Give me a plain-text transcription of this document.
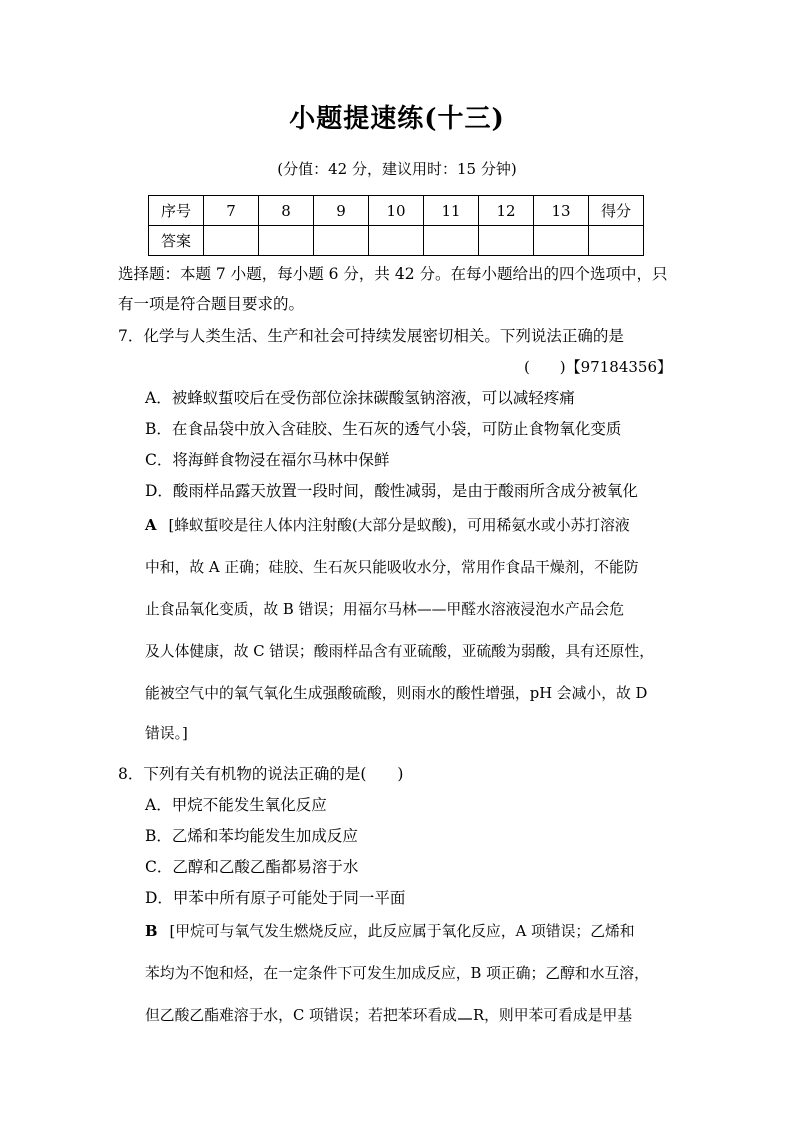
小题提速练(十三)
(分值：42 分，建议用时：15 分钟)
序号	7	8	9	10	11	12	13	得分
答案								
选择题：本题 7 小题，每小题 6 分，共 42 分。在每小题给出的四个选项中，只
有一项是符合题目要求的。
7．化学与人类生活、生产和社会可持续发展密切相关。下列说法正确的是
(　　)【97184356】
A．被蜂蚁蜇咬后在受伤部位涂抹碳酸氢钠溶液，可以减轻疼痛
B．在食品袋中放入含硅胶、生石灰的透气小袋，可防止食物氧化变质
C．将海鲜食物浸在福尔马林中保鲜
D．酸雨样品露天放置一段时间，酸性减弱，是由于酸雨所含成分被氧化
A [蜂蚁蜇咬是往人体内注射酸(大部分是蚁酸)，可用稀氨水或小苏打溶液
中和，故 A 正确；硅胶、生石灰只能吸收水分，常用作食品干燥剂，不能防
止食品氧化变质，故 B 错误；用福尔马林——甲醛水溶液浸泡水产品会危
及人体健康，故 C 错误；酸雨样品含有亚硫酸，亚硫酸为弱酸，具有还原性，
能被空气中的氧气氧化生成强酸硫酸，则雨水的酸性增强，pH 会减小，故 D
错误。]
8．下列有关有机物的说法正确的是(　　)
A．甲烷不能发生氧化反应
B．乙烯和苯均能发生加成反应
C．乙醇和乙酸乙酯都易溶于水
D．甲苯中所有原子可能处于同一平面
B [甲烷可与氧气发生燃烧反应，此反应属于氧化反应，A 项错误；乙烯和
苯均为不饱和烃，在一定条件下可发生加成反应，B 项正确；乙醇和水互溶，
但乙酸乙酯难溶于水，C 项错误；若把苯环看成 R，则甲苯可看成是甲基
